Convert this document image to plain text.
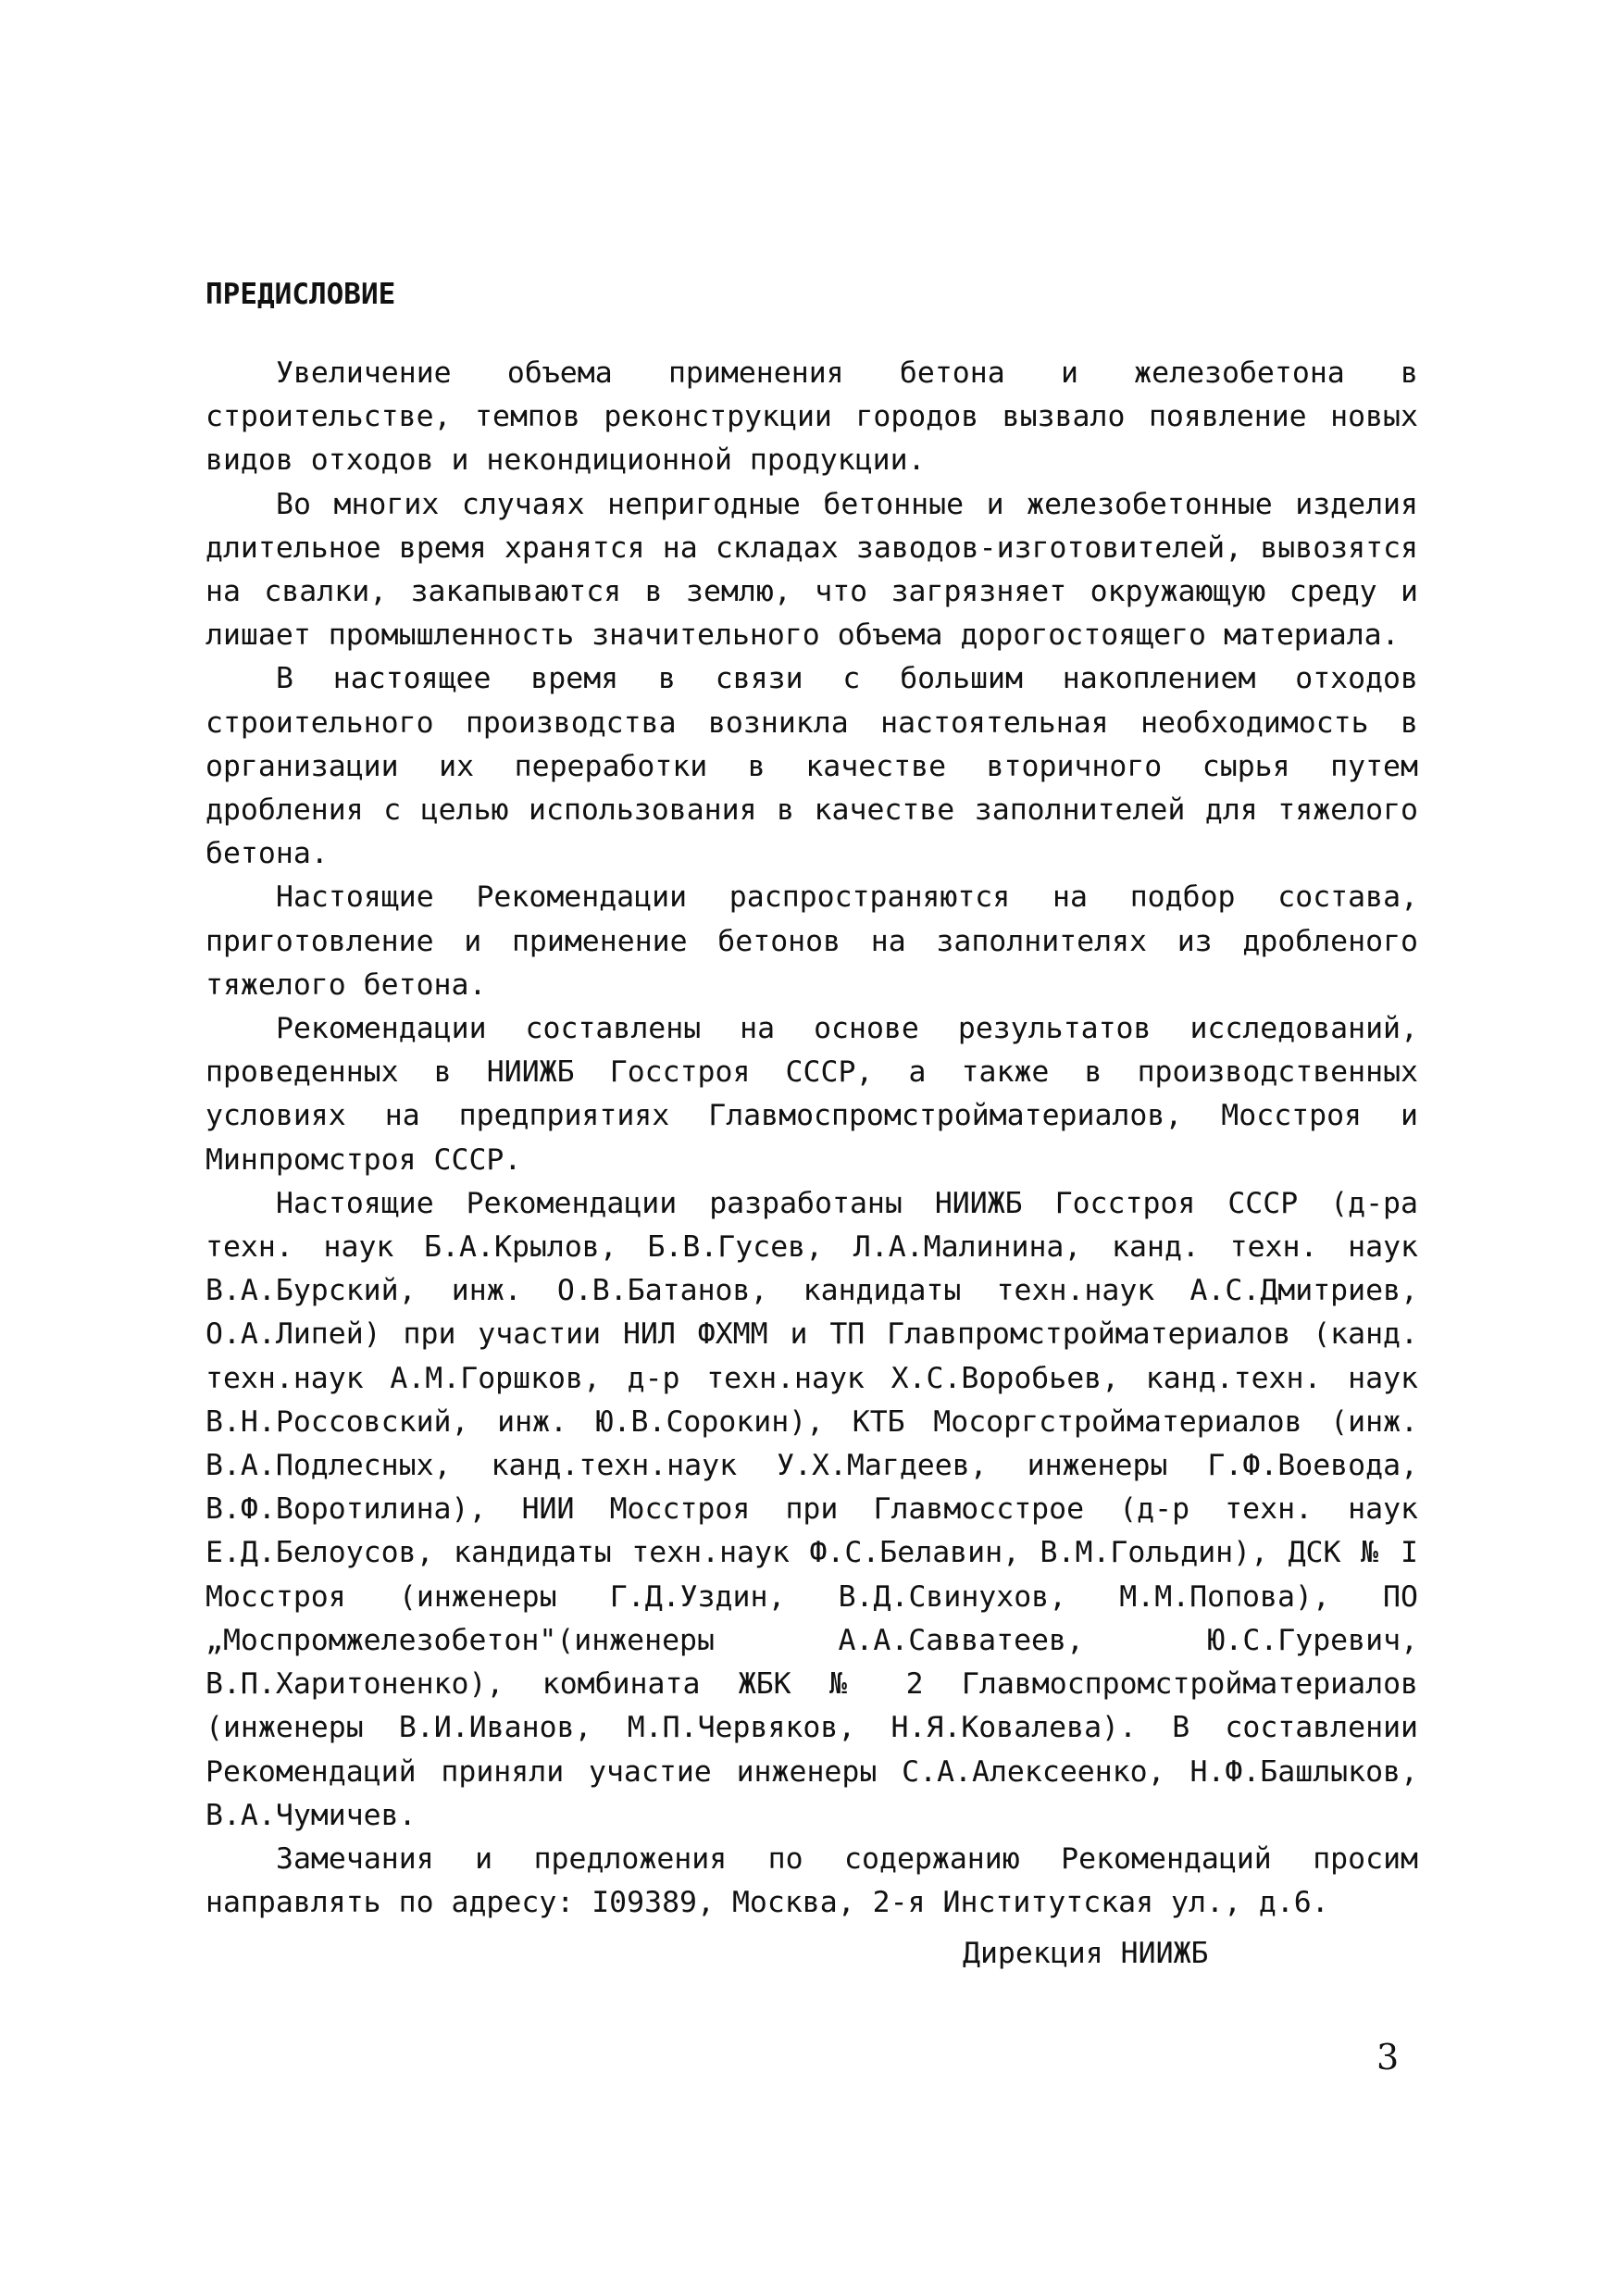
ПРЕДИСЛОВИЕ

Увеличение объема применения бетона и железобетона в строительстве, темпов реконструкции городов вызвало появление новых видов отходов и некондиционной продукции.

Во многих случаях непригодные бетонные и железобетонные изделия длительное время хранятся на складах заводов-изготовителей, вывозятся на свалки, закапываются в землю, что загрязняет окружающую среду и лишает промышленность значительного объема дорогостоящего материала.

В настоящее время в связи с большим накоплением отходов строительного производства возникла настоятельная необходимость в организации их переработки в качестве вторичного сырья путем дробления с целью использования в качестве заполнителей для тяжелого бетона.

Настоящие Рекомендации распространяются на подбор состава, приготовление и применение бетонов на заполнителях из дробленого тяжелого бетона.

Рекомендации составлены на основе результатов исследований, проведенных в НИИЖБ Госстроя СССР, а также в производственных условиях на предприятиях Главмоспромстройматериалов, Мосстроя и Минпромстроя СССР.

Настоящие Рекомендации разработаны НИИЖБ Госстроя СССР (д-ра техн. наук Б.А.Крылов, Б.В.Гусев, Л.А.Малинина, канд. техн. наук В.А.Бурский, инж. О.В.Батанов, кандидаты техн.наук А.С.Дмитриев, О.А.Липей) при участии НИЛ ФХММ и ТП Главпромстройматериалов (канд. техн.наук А.М.Горшков, д-р техн.наук Х.С.Воробьев, канд.техн. наук В.Н.Россовский, инж. Ю.В.Сорокин), КТБ Мосоргстройматериалов (инж. В.А.Подлесных, канд.техн.наук У.Х.Магдеев, инженеры Г.Ф.Воевода, В.Ф.Воротилина), НИИ Мосстроя при Главмосстрое (д-р техн. наук Е.Д.Белоусов, кандидаты техн.наук Ф.С.Белавин, В.М.Гольдин), ДСК № I Мосстроя (инженеры Г.Д.Уздин, В.Д.Свинухов, М.М.Попова), ПО „Моспромжелезобетон"(инженеры А.А.Савватеев, Ю.С.Гуревич, В.П.Харитоненко), комбината ЖБК № 2 Главмоспромстройматериалов (инженеры В.И.Иванов, М.П.Червяков, Н.Я.Ковалева). В составлении Рекомендаций приняли участие инженеры С.А.Алексеенко, Н.Ф.Башлыков, В.А.Чумичев.

Замечания и предложения по содержанию Рекомендаций просим направлять по адресу: I09389, Москва, 2-я Институтская ул., д.6.

Дирекция НИИЖБ
3
